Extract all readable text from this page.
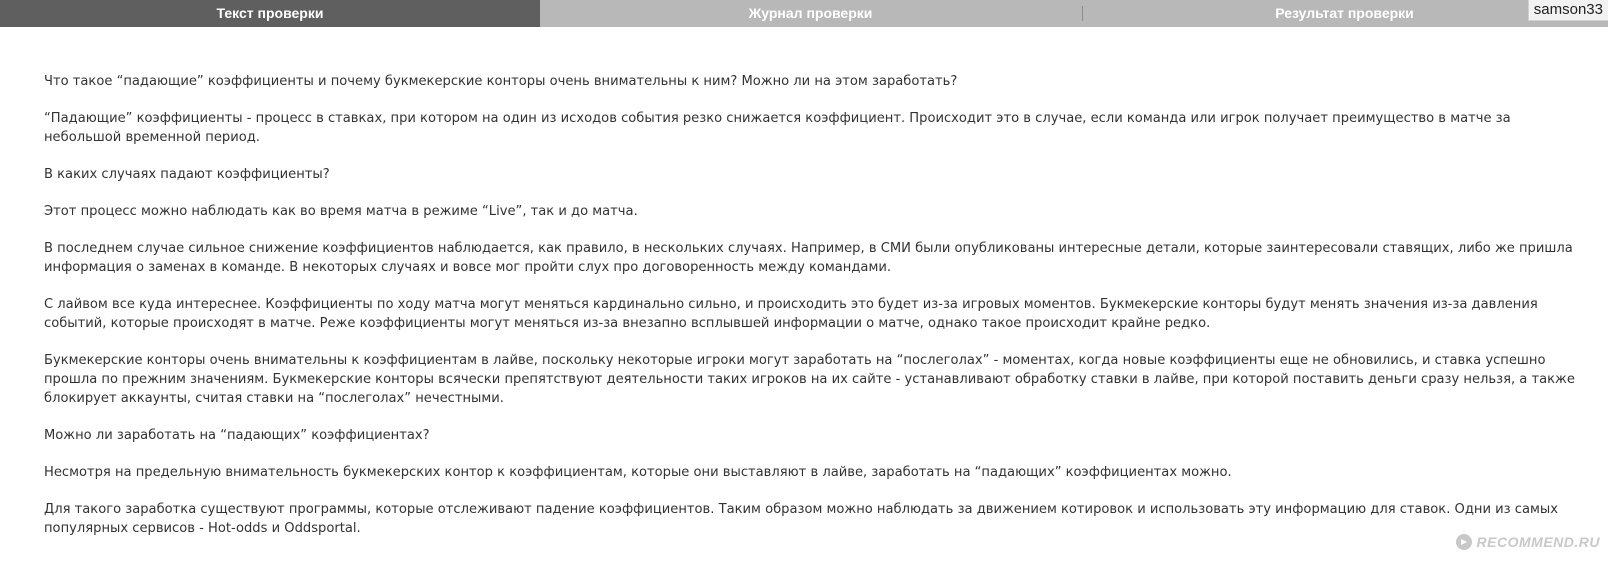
Текст проверки	Журнал проверки	Результат проверки	samson33

Что такое “падающие” коэффициенты и почему букмекерские конторы очень внимательны к ним? Можно ли на этом заработать?

“Падающие” коэффициенты - процесс в ставках, при котором на один из исходов события резко снижается коэффициент. Происходит это в случае, если команда или игрок получает преимущество в матче за небольшой временной период.

В каких случаях падают коэффициенты?

Этот процесс можно наблюдать как во время матча в режиме “Live”, так и до матча.

В последнем случае сильное снижение коэффициентов наблюдается, как правило, в нескольких случаях. Например, в СМИ были опубликованы интересные детали, которые заинтересовали ставящих, либо же пришла информация о заменах в команде. В некоторых случаях и вовсе мог пройти слух про договоренность между командами.

С лайвом все куда интереснее. Коэффициенты по ходу матча могут меняться кардинально сильно, и происходить это будет из-за игровых моментов. Букмекерские конторы будут менять значения из-за давления событий, которые происходят в матче. Реже коэффициенты могут меняться из-за внезапно всплывшей информации о матче, однако такое происходит крайне редко.

Букмекерские конторы очень внимательны к коэффициентам в лайве, поскольку некоторые игроки могут заработать на “послеголах” - моментах, когда новые коэффициенты еще не обновились, и ставка успешно прошла по прежним значениям. Букмекерские конторы всячески препятствуют деятельности таких игроков на их сайте - устанавливают обработку ставки в лайве, при которой поставить деньги сразу нельзя, а также блокирует аккаунты, считая ставки на “послеголах” нечестными.

Можно ли заработать на “падающих” коэффициентах?

Несмотря на предельную внимательность букмекерских контор к коэффициентам, которые они выставляют в лайве, заработать на “падающих” коэффициентах можно.

Для такого заработка существуют программы, которые отслеживают падение коэффициентов. Таким образом можно наблюдать за движением котировок и использовать эту информацию для ставок. Одни из самых популярных сервисов - Hot-odds и Oddsportal.

RECOMMEND.RU
